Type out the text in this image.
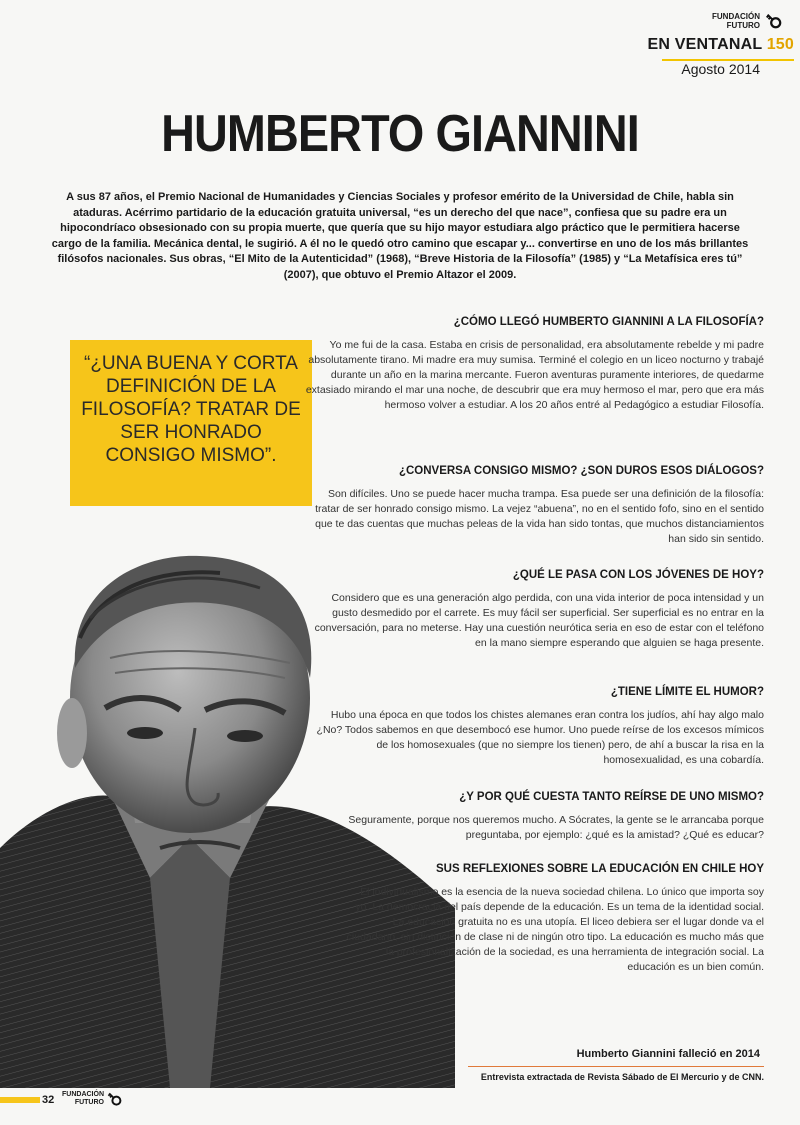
FUNDACIÓN
FUTURO
EN VENTANAL 150
Agosto 2014
HUMBERTO GIANNINI
A sus 87 años, el Premio Nacional de Humanidades y Ciencias Sociales y profesor emérito de la Universidad de Chile, habla sin ataduras. Acérrimo partidario de la educación gratuita universal, “es un derecho del que nace”, confiesa que su padre era un hipocondríaco obsesionado con su propia muerte, que quería que su hijo mayor estudiara algo práctico que le permitiera hacerse cargo de la familia. Mecánica dental, le sugirió. A él no le quedó otro camino que escapar y... convertirse en uno de los más brillantes filósofos nacionales. Sus obras, “El Mito de la Autenticidad” (1968), “Breve Historia de la Filosofía” (1985) y “La Metafísica eres tú” (2007), que obtuvo el Premio Altazor el 2009.
“¿UNA BUENA Y CORTA DEFINICIÓN DE LA FILOSOFÍA? TRATAR DE SER HONRADO CONSIGO MISMO”.
¿CÓMO LLEGÓ HUMBERTO GIANNINI A LA FILOSOFÍA?
Yo me fui de la casa. Estaba en crisis de personalidad, era absolutamente rebelde y mi padre absolutamente tirano. Mi madre era muy sumisa. Terminé el colegio en un liceo nocturno y trabajé durante un año en la marina mercante. Fueron aventuras puramente interiores, de quedarme extasiado mirando el mar una noche, de descubrir que era muy hermoso el mar, pero que era más hermoso volver a estudiar. A los 20 años entré al Pedagógico a estudiar Filosofía.
¿CONVERSA CONSIGO MISMO? ¿SON DUROS ESOS DIÁLOGOS?
Son difíciles. Uno se puede hacer mucha trampa. Esa puede ser una definición de la filosofía: tratar de ser honrado consigo mismo. La vejez “abuena”, no en el sentido fofo, sino en el sentido que te das cuentas que muchas peleas de la vida han sido tontas, que muchos distanciamientos han sido sin sentido.
¿QUÉ LE PASA CON LOS JÓVENES DE HOY?
Considero que es una generación algo perdida, con una vida interior de poca intensidad y un gusto desmedido por el carrete. Es muy fácil ser superficial. Ser superficial es no entrar en la conversación, para no meterse. Hay una cuestión neurótica seria en eso de estar con el teléfono en la mano siempre esperando que alguien se haga presente.
¿TIENE LÍMITE EL HUMOR?
Hubo una época en que todos los chistes alemanes eran contra los judíos, ahí hay algo malo ¿No? Todos sabemos en que desembocó ese humor. Uno puede reírse de los excesos mímicos de los homosexuales (que no siempre los tienen) pero, de ahí a buscar la risa en la homosexualidad, es una cobardía.
¿Y POR QUÉ CUESTA TANTO REÍRSE DE UNO MISMO?
Seguramente, porque nos queremos mucho. A Sócrates, la gente se le arrancaba porque preguntaba, por ejemplo: ¿qué es la amistad? ¿Qué es educar?
SUS REFLEXIONES SOBRE LA EDUCACIÓN EN CHILE HOY
El individualismo es la esencia de la nueva sociedad chilena. Lo único que importa soy yo. La democracia del país depende de la educación. Es un tema de la identidad social. La educación gratuita no es una utopía. El liceo debiera ser el lugar donde va el ciudadano, sin distinción de clase ni de ningún otro tipo. La educación es mucho más que la profesionalización de la sociedad, es una herramienta de integración social. La educación es un bien común.
Humberto Giannini falleció en 2014
Entrevista extractada de Revista Sábado de El Mercurio y de CNN.
32 FUNDACIÓN
FUTURO
